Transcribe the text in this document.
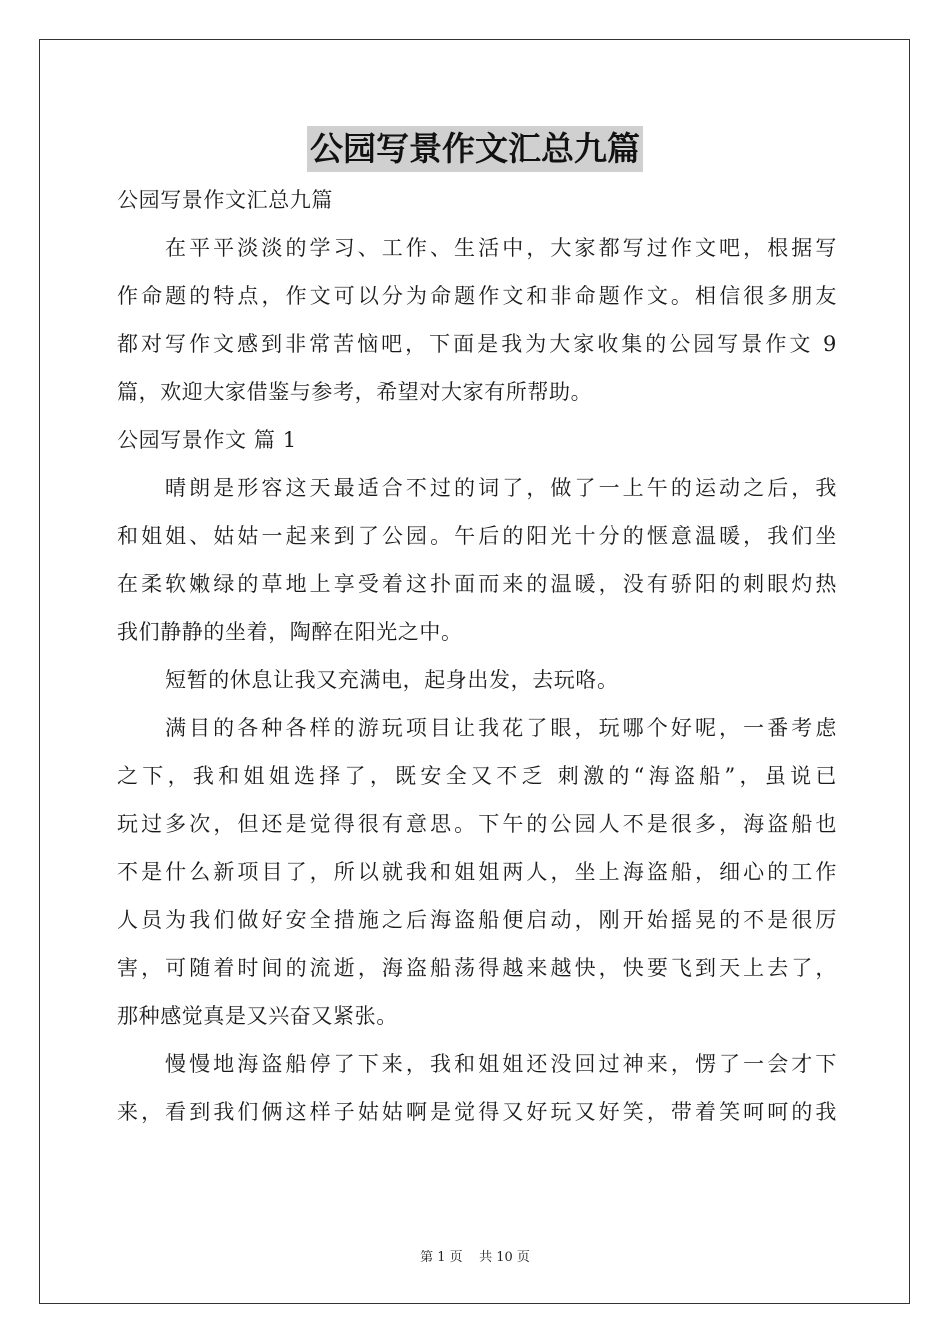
公园写景作文汇总九篇
公园写景作文汇总九篇
在平平淡淡的学习、工作、生活中，大家都写过作文吧，根据写
作命题的特点，作文可以分为命题作文和非命题作文。相信很多朋友
都对写作文感到非常苦恼吧，下面是我为大家收集的公园写景作文 9
篇，欢迎大家借鉴与参考，希望对大家有所帮助。
公园写景作文 篇 1
晴朗是形容这天最适合不过的词了，做了一上午的运动之后，我
和姐姐、姑姑一起来到了公园。午后的阳光十分的惬意温暖，我们坐
在柔软嫩绿的草地上享受着这扑面而来的温暖，没有骄阳的刺眼灼热
我们静静的坐着，陶醉在阳光之中。
短暂的休息让我又充满电，起身出发，去玩咯。
满目的各种各样的游玩项目让我花了眼，玩哪个好呢，一番考虑
之下，我和姐姐选择了，既安全又不乏 刺激的“海盗船”，虽说已
玩过多次，但还是觉得很有意思。下午的公园人不是很多，海盗船也
不是什么新项目了，所以就我和姐姐两人，坐上海盗船，细心的工作
人员为我们做好安全措施之后海盗船便启动，刚开始摇晃的不是很厉
害，可随着时间的流逝，海盗船荡得越来越快，快要飞到天上去了，
那种感觉真是又兴奋又紧张。
慢慢地海盗船停了下来，我和姐姐还没回过神来，愣了一会才下
来，看到我们俩这样子姑姑啊是觉得又好玩又好笑，带着笑呵呵的我
第 1 页    共 10 页
